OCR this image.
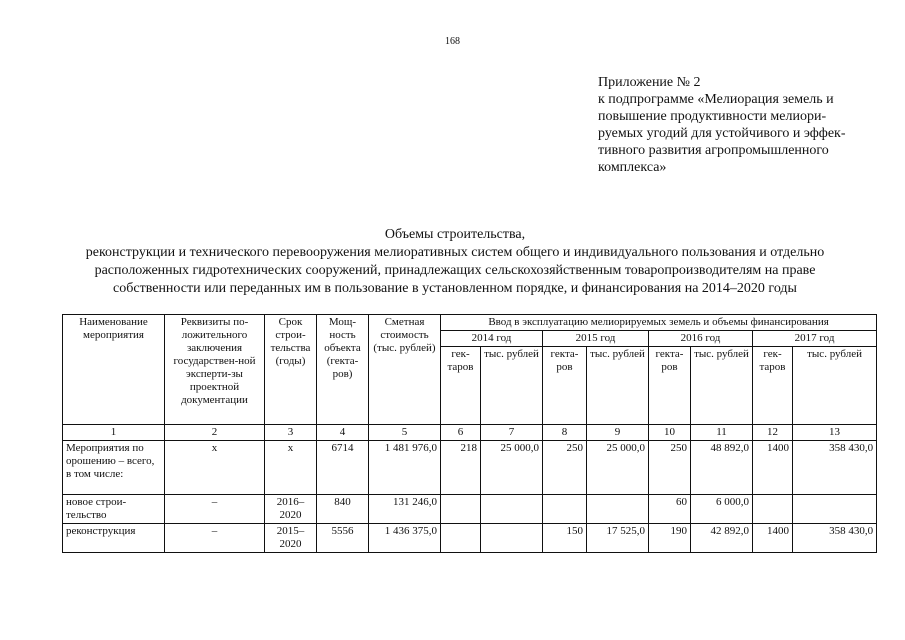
168
Приложение № 2
к подпрограмме «Мелиорация земель и
повышение продуктивности мелиори-
руемых угодий для устойчивого и эффек-
тивного развития агропромышленного
комплекса»
Объемы строительства,
реконструкции и технического перевооружения мелиоративных систем общего и индивидуального пользования и отдельно
расположенных гидротехнических сооружений, принадлежащих сельскохозяйственным товаропроизводителям на праве
собственности или переданных им в пользование в установленном порядке, и финансирования на 2014–2020 годы
Наименование мероприятия	Реквизиты по-ложительного заключения государствен-ной эксперти-зы проектной документации	Срок строи-тельства (годы)	Мощ-ность объекта (гекта-ров)	Сметная стоимость (тыс. рублей)	Ввод в эксплуатацию мелиорируемых земель и объемы финансирования							
					2014 год		2015 год		2016 год		2017 год	
					гек-таров	тыс. рублей	гекта-ров	тыс. рублей	гекта-ров	тыс. рублей	гек-таров	тыс. рублей
1	2	3	4	5	6	7	8	9	10	11	12	13
Мероприятия по орошению – всего, в том числе:	х	х	6714	1 481 976,0	218	25 000,0	250	25 000,0	250	48 892,0	1400	358 430,0
новое строи-тельство	–	2016–2020	840	131 246,0					60	6 000,0		
реконструкция	–	2015–2020	5556	1 436 375,0			150	17 525,0	190	42 892,0	1400	358 430,0
